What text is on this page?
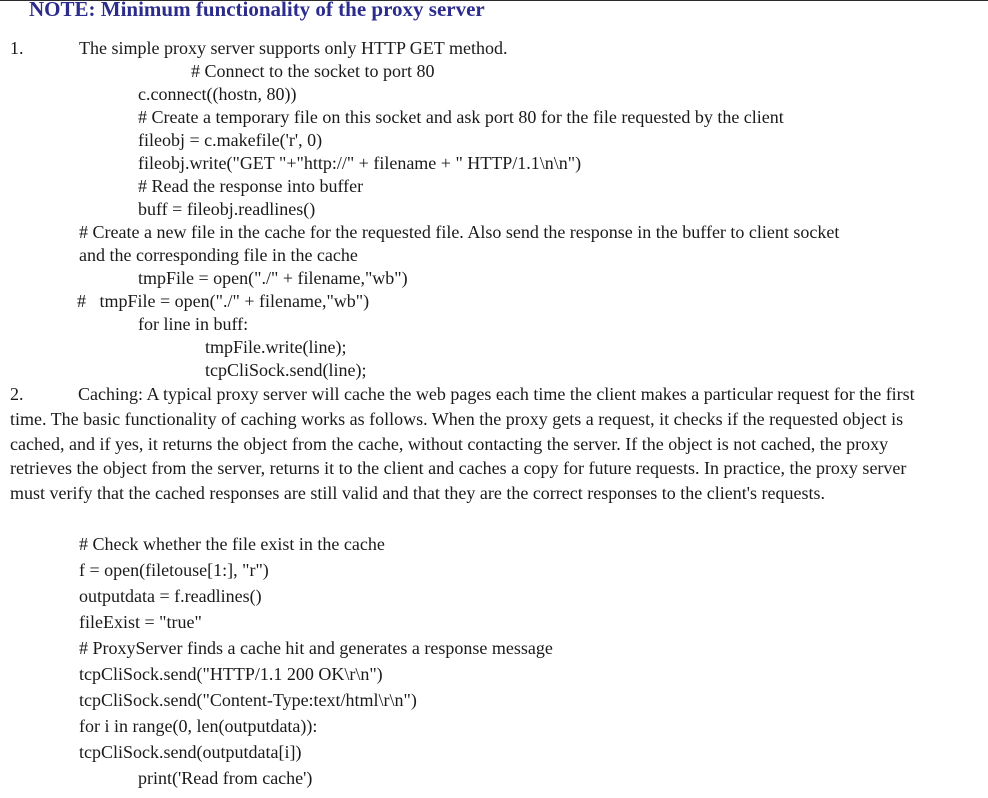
NOTE: Minimum functionality of the proxy server
1.	The simple proxy server supports only HTTP GET method.
# Connect to the socket to port 80
c.connect((hostn, 80))
# Create a temporary file on this socket and ask port 80 for the file requested by the client
fileobj = c.makefile('r', 0)
fileobj.write("GET "+"http://" + filename + " HTTP/1.1\n\n")
# Read the response into buffer
buff = fileobj.readlines()
# Create a new file in the cache for the requested file. Also send the response in the buffer to client socket
and the corresponding file in the cache
tmpFile = open("./" + filename,"wb")
#   tmpFile = open("./" + filename,"wb")
for line in buff:
tmpFile.write(line);
tcpCliSock.send(line);

2.	Caching: A typical proxy server will cache the web pages each time the client makes a particular request for the first time. The basic functionality of caching works as follows. When the proxy gets a request, it checks if the requested object is cached, and if yes, it returns the object from the cache, without contacting the server. If the object is not cached, the proxy retrieves the object from the server, returns it to the client and caches a copy for future requests. In practice, the proxy server must verify that the cached responses are still valid and that they are the correct responses to the client's requests.

# Check whether the file exist in the cache
f = open(filetouse[1:], "r")
outputdata = f.readlines()
fileExist = "true"
# ProxyServer finds a cache hit and generates a response message
tcpCliSock.send("HTTP/1.1 200 OK\r\n")
tcpCliSock.send("Content-Type:text/html\r\n")
for i in range(0, len(outputdata)):
tcpCliSock.send(outputdata[i])
print('Read from cache')
